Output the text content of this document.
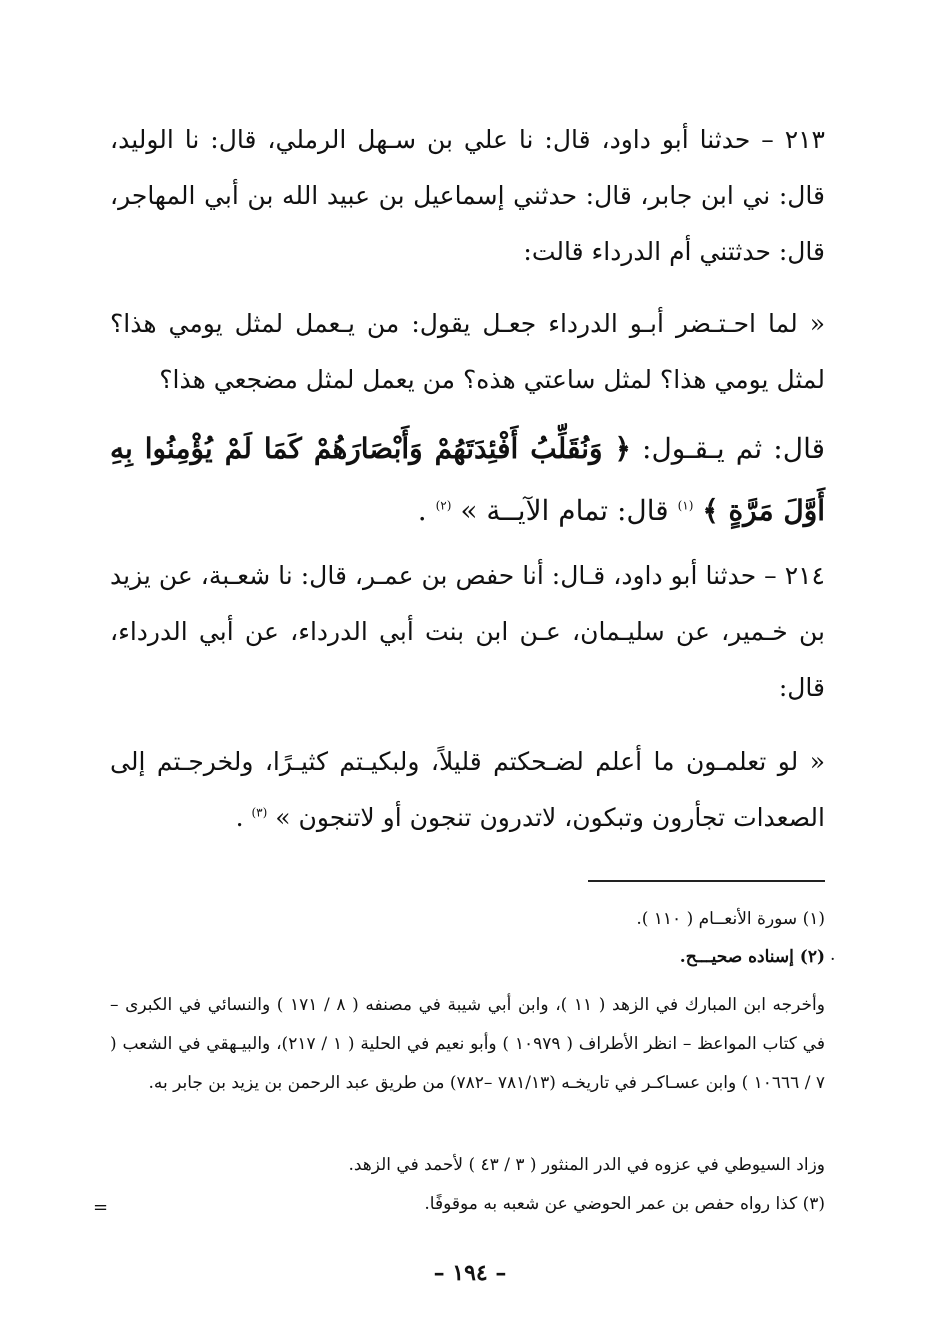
٢١٣ – حدثنا أبو داود، قال: نا علي بن سـهل الرملي، قال: نا الوليد، قال: ني ابن جابر، قال: حدثني إسماعيل بن عبيد الله بن أبي المهاجر، قال: حدثتني أم الدرداء قالت:
« لما احـتـضر أبـو الدرداء جعـل يقول: من يـعمل لمثل يومي هذا؟ لمثل يومي هذا؟ لمثل ساعتي هذه؟ من يعمل لمثل مضجعي هذا؟
قال: ثم يـقـول: ﴿ وَنُقَلِّبُ أَفْئِدَتَهُمْ وَأَبْصَارَهُمْ كَمَا لَمْ يُؤْمِنُوا بِهِ أَوَّلَ مَرَّةٍ ﴾ $^{(١)}$ قال: تمام الآيــة » $^{(٢)}$ .
٢١٤ – حدثنا أبو داود، قـال: أنا حفص بن عمـر، قال: نا شعـبة، عن يزيد بن خـمير، عن سليـمان، عـن ابن بنت أبي الدرداء، عن أبي الدرداء، قال:
« لو تعلمـون ما أعلم لضـحكتم قليلاً، ولبكيـتم كثيـرًا، ولخرجـتم إلى الصعدات تجأرون وتبكون، لاتدرون تنجون أو لاتنجون » $^{(٣)}$ .
(١) سورة الأنعــام ( ١١٠ ).
(٢) إسناده صحيـــح. .
وأخرجه ابن المبارك في الزهد ( ١١ )، وابن أبي شيبة في مصنفه ( ٨ / ١٧١ ) والنسائي في الكبرى – في كتاب المواعظ – انظر الأطراف ( ١٠٩٧٩ ) وأبو نعيم في الحلية ( ١ / ٢١٧)، والبيـهقي في الشعب ( ٧ / ١٠٦٦٦ ) وابن عسـاكـر في تاريخـه (٧٨١/١٣ –٧٨٢) من طريق عبد الرحمن بن يزيد بن جابر به.
وزاد السيوطي في عزوه في الدر المنثور ( ٣ / ٤٣ ) لأحمد في الزهد.
(٣) كذا رواه حفص بن عمر الحوضي عن شعبه به موقوفًا.
=
– ١٩٤ –
